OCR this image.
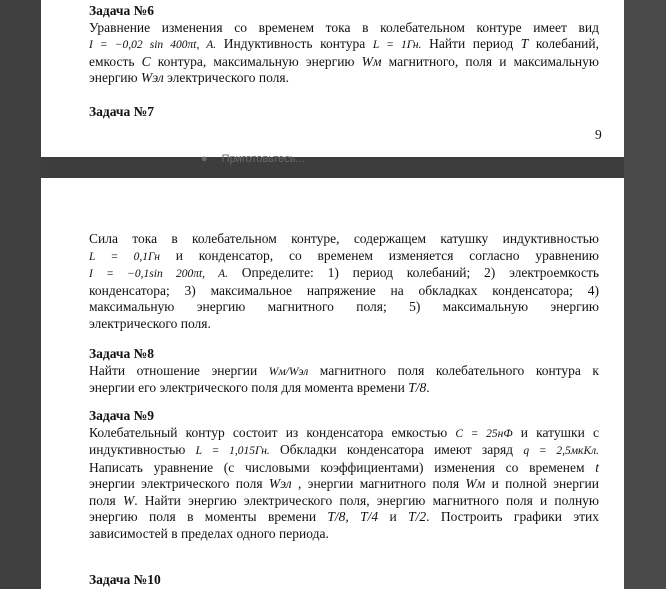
Задача №6
Уравнение изменения со временем тока в колебательном контуре имеет вид
I = −0,02 sin 400πt, A. Индуктивность контура L = 1Гн. Найти период T колебаний,
емкость C контура, максимальную энергию Wм магнитного, поля и максимальную
энергию Wэл электрического поля.
Задача №7
9
● Приготовьтесь...
Сила тока в колебательном контуре, содержащем катушку индуктивностью
L = 0,1Гн и конденсатор, со временем изменяется согласно уравнению
I = −0,1sin 200πt, A. Определите: 1) период колебаний; 2) электроемкость
конденсатора; 3) максимальное напряжение на обкладках конденсатора; 4)
максимальную энергию магнитного поля; 5) максимальную энергию
электрического поля.
Задача №8
Найти отношение энергии Wм/Wэл магнитного поля колебательного контура к
энергии его электрического поля для момента времени T/8.
Задача №9
Колебательный контур состоит из конденсатора емкостью C = 25нФ и катушки с
индуктивностью L = 1,015Гн. Обкладки конденсатора имеют заряд q = 2,5мкКл.
Написать уравнение (с числовыми коэффициентами) изменения со временем t
энергии электрического поля Wэл , энергии магнитного поля Wм и полной энергии
поля W. Найти энергию электрического поля, энергию магнитного поля и полную
энергию поля в моменты времени T/8, T/4 и T/2. Построить графики этих
зависимостей в пределах одного периода.
Задача №10
